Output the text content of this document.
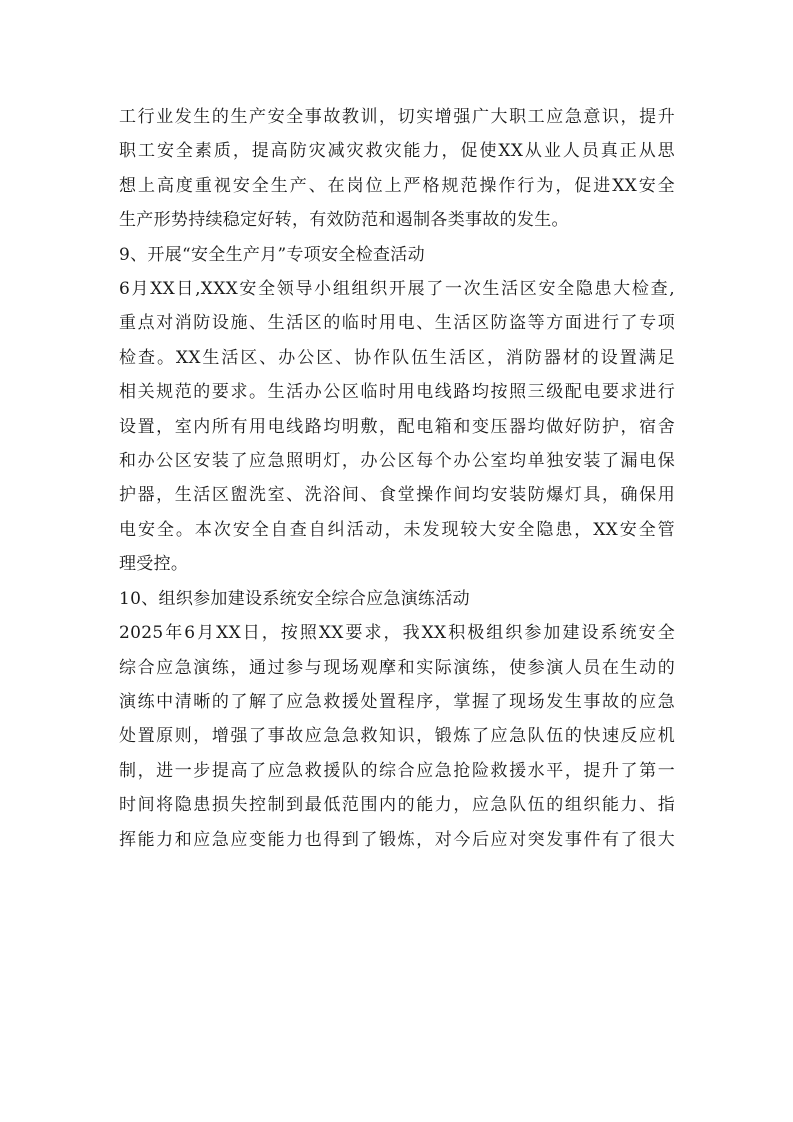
工行业发生的生产安全事故教训，切实增强广大职工应急意识，提升
职工安全素质，提高防灾减灾救灾能力，促使XX从业人员真正从思
想上高度重视安全生产、在岗位上严格规范操作行为，促进XX安全
生产形势持续稳定好转，有效防范和遏制各类事故的发生。
9、开展“安全生产月”专项安全检查活动
6月XX日,XXX安全领导小组组织开展了一次生活区安全隐患大检查,
重点对消防设施、生活区的临时用电、生活区防盗等方面进行了专项
检查。XX生活区、办公区、协作队伍生活区，消防器材的设置满足
相关规范的要求。生活办公区临时用电线路均按照三级配电要求进行
设置，室内所有用电线路均明敷，配电箱和变压器均做好防护，宿舍
和办公区安装了应急照明灯，办公区每个办公室均单独安装了漏电保
护器，生活区盥洗室、洗浴间、食堂操作间均安装防爆灯具，确保用
电安全。本次安全自查自纠活动，未发现较大安全隐患，XX安全管
理受控。
10、组织参加建设系统安全综合应急演练活动
2025年6月XX日，按照XX要求，我XX积极组织参加建设系统安全
综合应急演练，通过参与现场观摩和实际演练，使参演人员在生动的
演练中清晰的了解了应急救援处置程序，掌握了现场发生事故的应急
处置原则，增强了事故应急急救知识，锻炼了应急队伍的快速反应机
制，进一步提高了应急救援队的综合应急抢险救援水平，提升了第一
时间将隐患损失控制到最低范围内的能力，应急队伍的组织能力、指
挥能力和应急应变能力也得到了锻炼，对今后应对突发事件有了很大
